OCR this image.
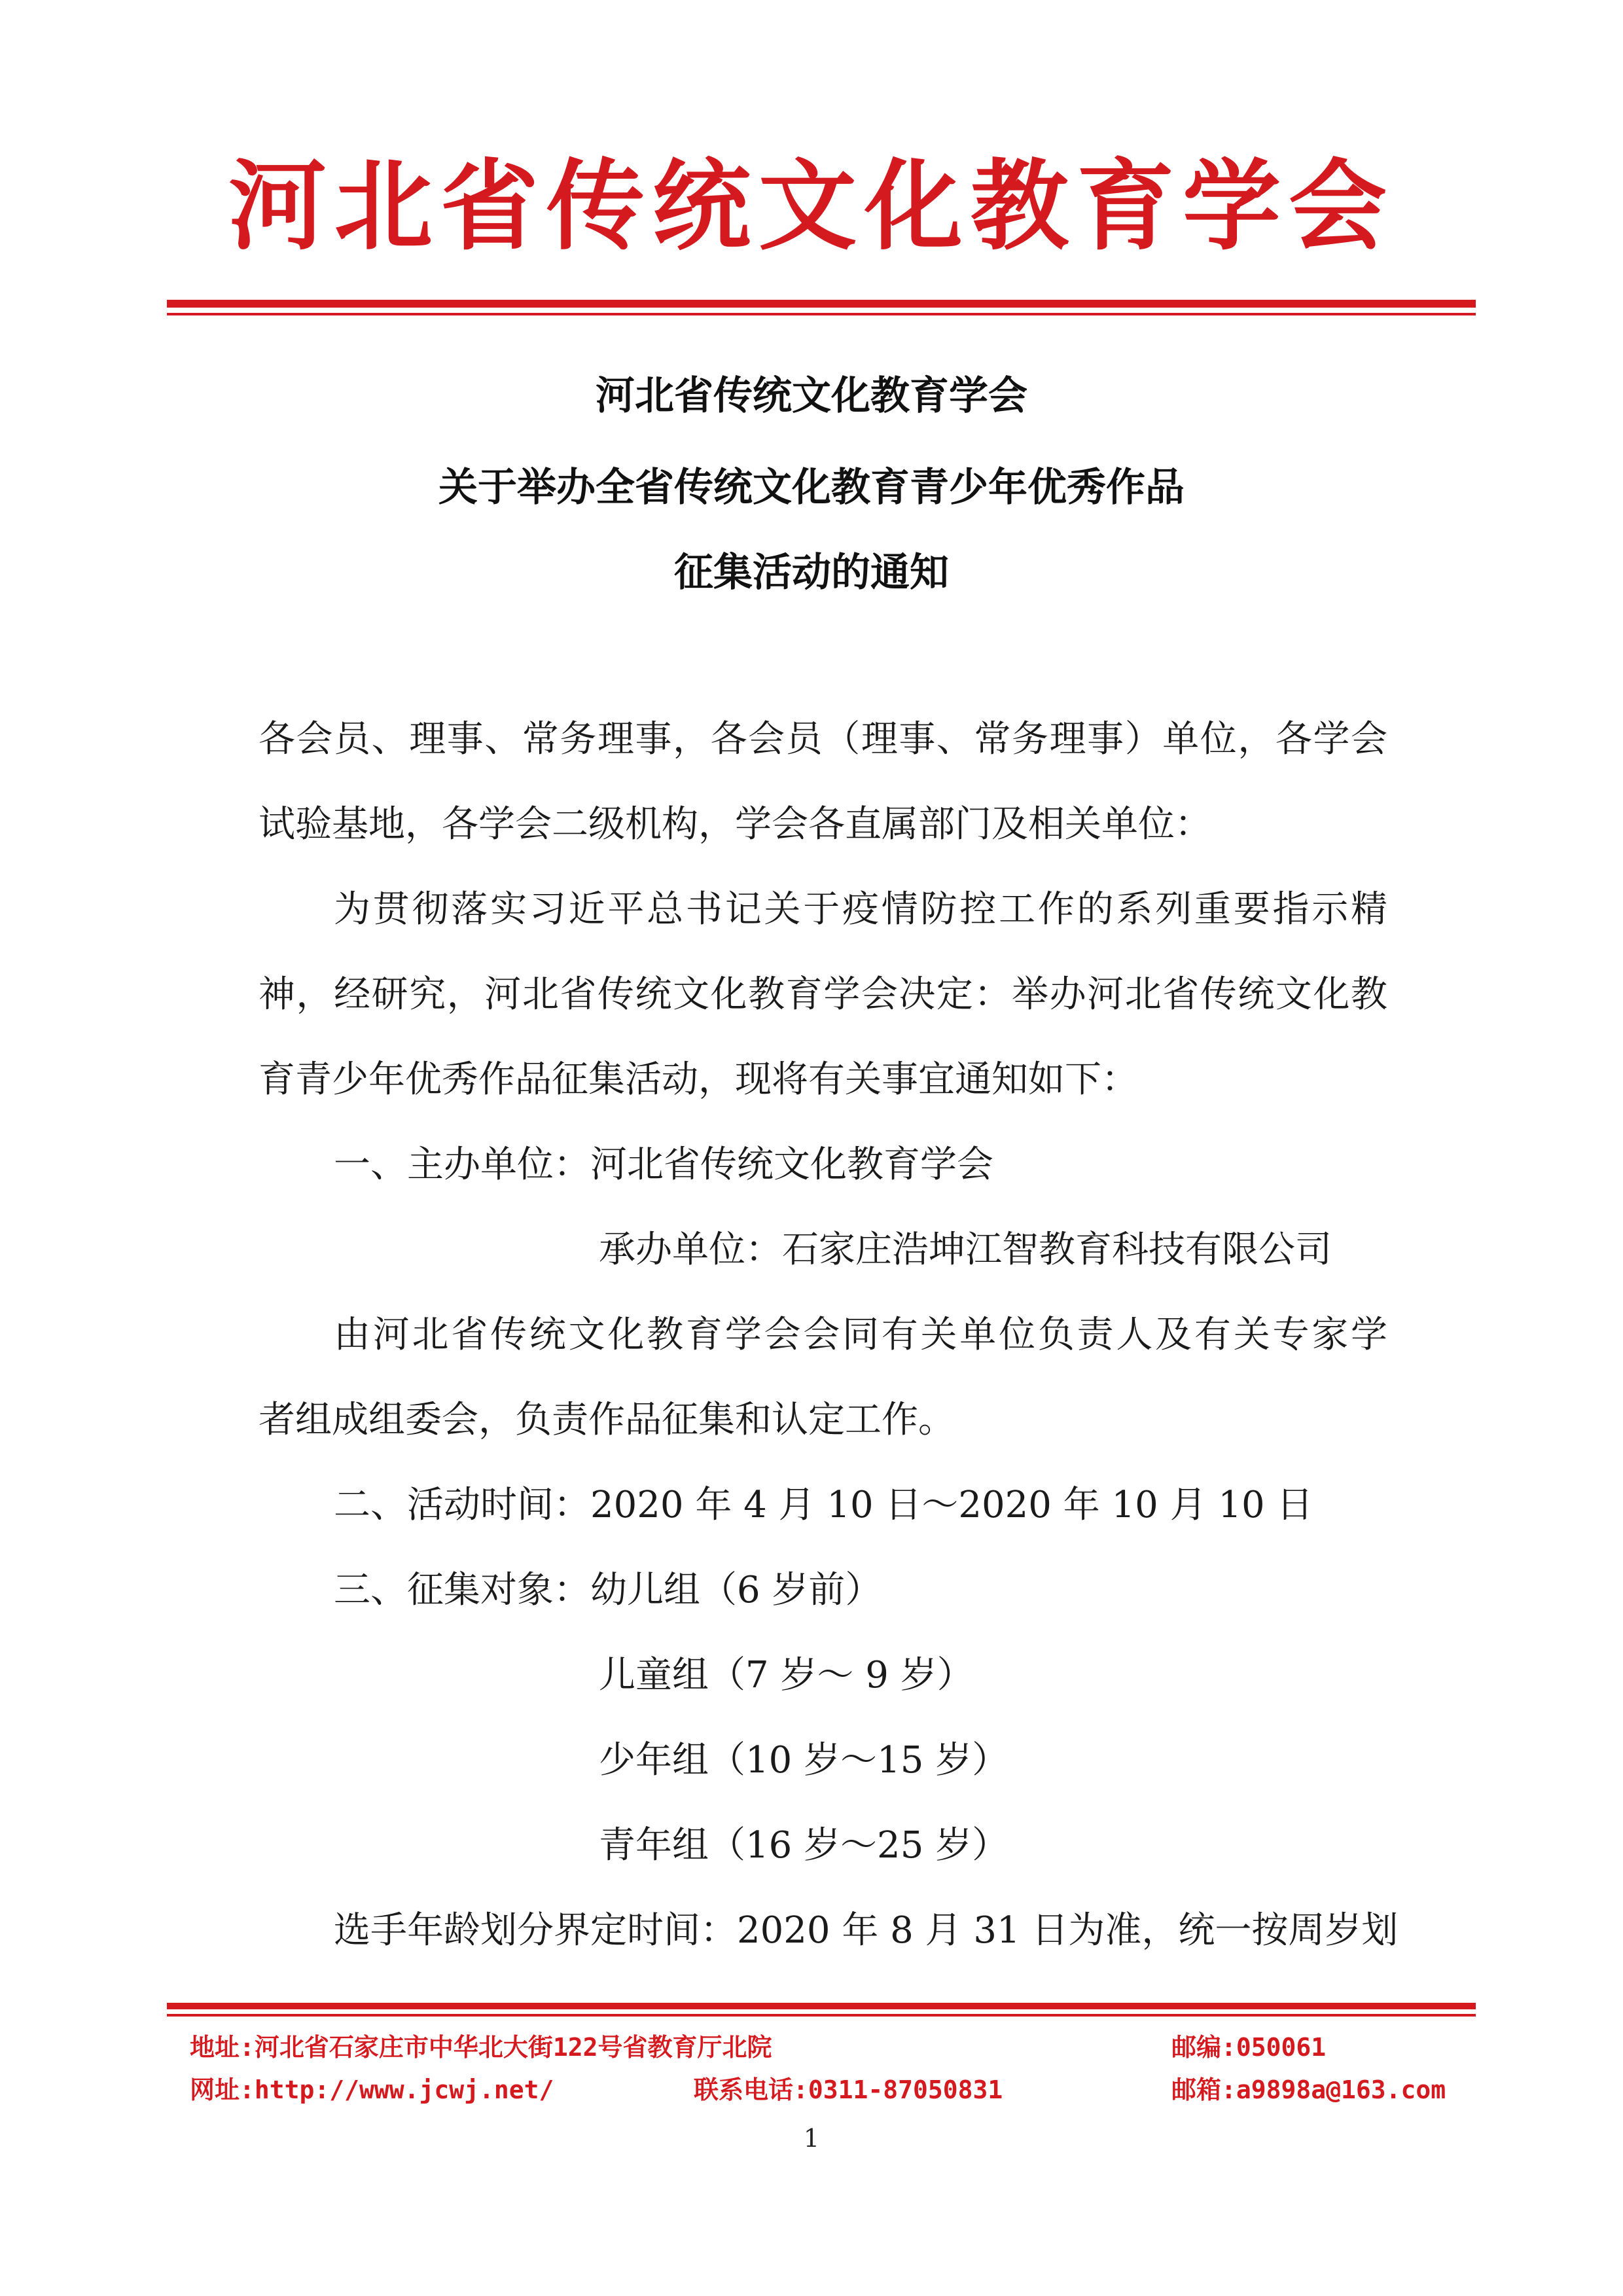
河北省传统文化教育学会
河北省传统文化教育学会
关于举办全省传统文化教育青少年优秀作品
征集活动的通知
各会员、理事、常务理事，各会员（理事、常务理事）单位，各学会
试验基地，各学会二级机构，学会各直属部门及相关单位：
为贯彻落实习近平总书记关于疫情防控工作的系列重要指示精
神，经研究，河北省传统文化教育学会决定：举办河北省传统文化教
育青少年优秀作品征集活动，现将有关事宜通知如下：
一、主办单位：河北省传统文化教育学会
承办单位：石家庄浩坤江智教育科技有限公司
由河北省传统文化教育学会会同有关单位负责人及有关专家学
者组成组委会，负责作品征集和认定工作。
二、活动时间：2020 年 4 月 10 日～2020 年 10 月 10 日
三、征集对象：幼儿组（6 岁前）
儿童组（7 岁～ 9 岁）
少年组（10 岁～15 岁）
青年组（16 岁～25 岁）
选手年龄划分界定时间：2020 年 8 月 31 日为准，统一按周岁划
地址:河北省石家庄市中华北大街122号省教育厅北院	邮编:050061
网址:http://www.jcwj.net/	联系电话:0311-87050831	邮箱:a9898a@163.com
1
